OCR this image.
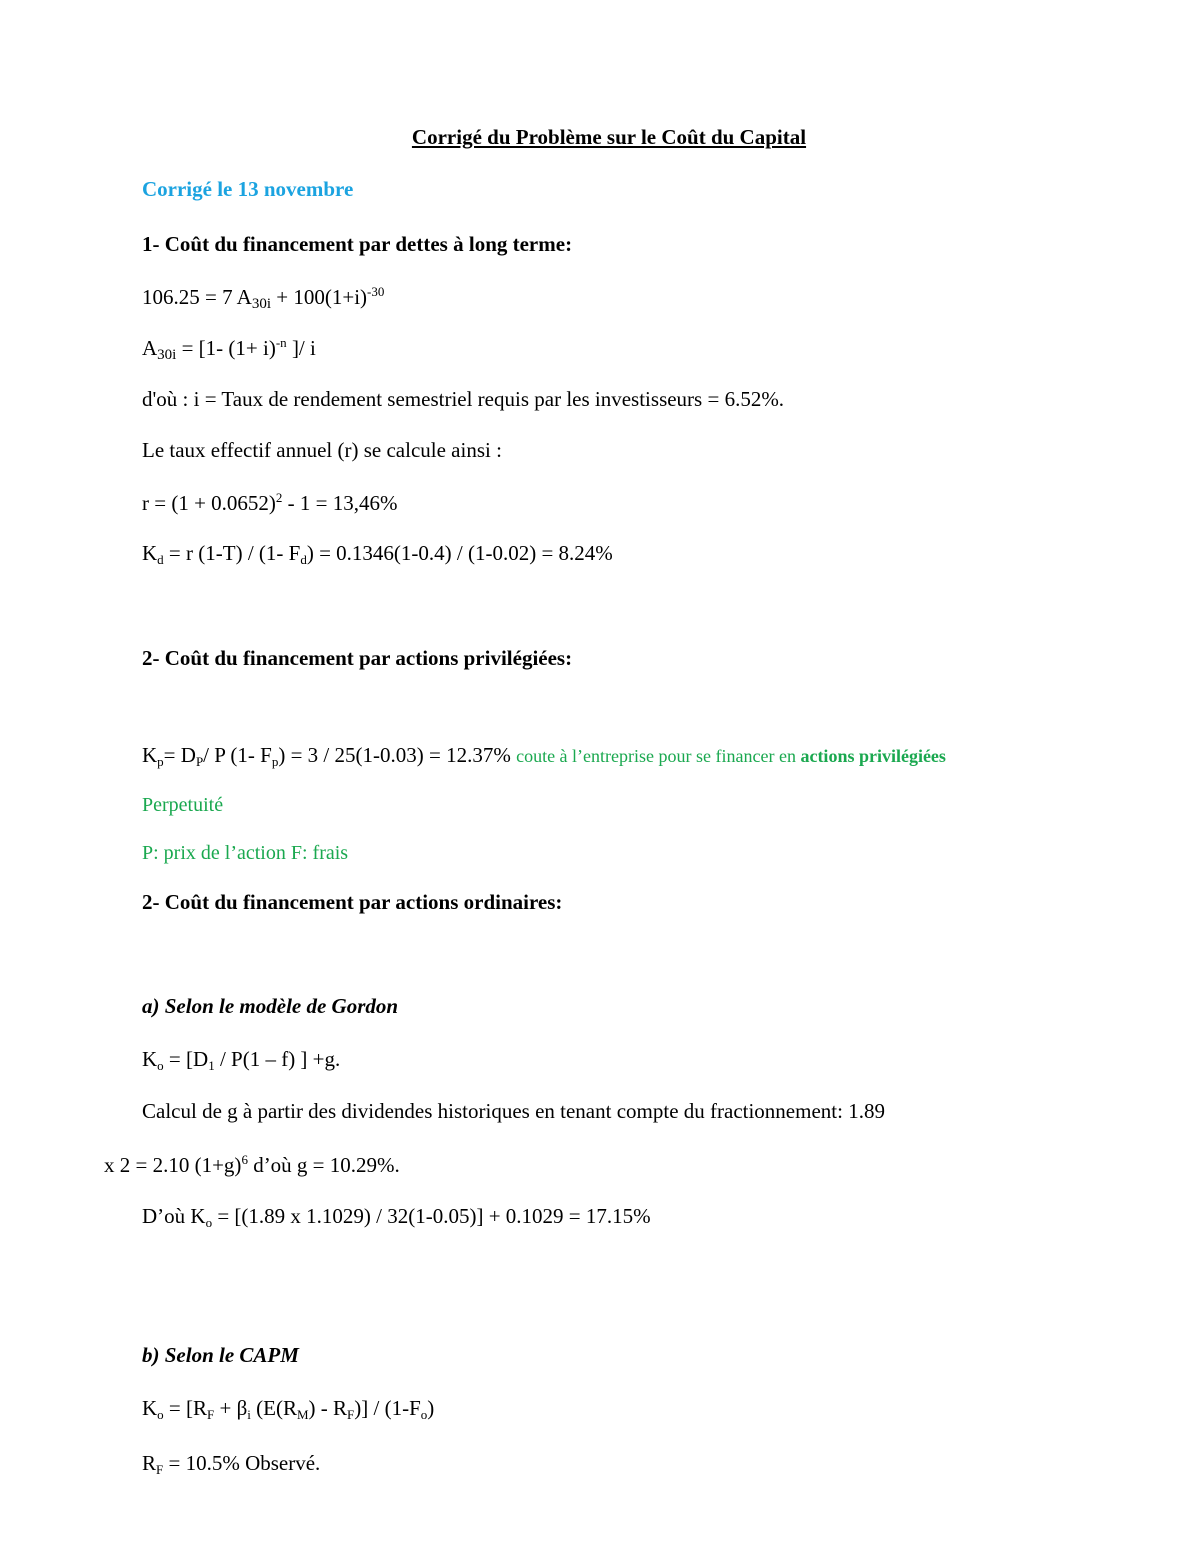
Corrigé du Problème sur le Coût du Capital
Corrigé le 13 novembre
1- Coût du financement par dettes à long terme:
106.25 = 7 $A_{30i} + 100(1+i)^{-30}$
$A_{30i} = [1-$ $(1+ i)^{-n}$ ]/ i
d'où : i = Taux de rendement semestriel requis par les investisseurs = 6.52%.
Le taux effectif annuel (r) se calcule ainsi :
$r = (1 + 0.0652)^2 - 1 = 13,46\%$
$K_d = r$ (1-T) / (1- $F_d) = 0.1346(1-0.4) / (1-0.02) = 8.24\%$
2- Coût du financement par actions privilégiées:
$K_p= D_P/$ P (1- $F_p) = 3 / 25(1-0.03) = 12.37\%$ coute à l’entreprise pour se financer en actions privilégiées
Perpetuité
P: prix de l’action F: frais
2- Coût du financement par actions ordinaires:
a) Selon le modèle de Gordon
$K_o = [D_1 / P(1 - f)$ ] +g.
Calcul de g à partir des dividendes historiques en tenant compte du fractionnement: 1.89
x 2 = 2.10 $(1+g)^6$ d’où g = 10.29%.
D’où $K_o = [(1.89$ x 1.1029) / 32(1-0.05)] + 0.1029 = 17.15%
b) Selon le CAPM
$K_o = [R_F + \beta_i$ $(E(R_M) - R_F)] / (1-F_o)$
$R_F = 10.5\%$ Observé.
